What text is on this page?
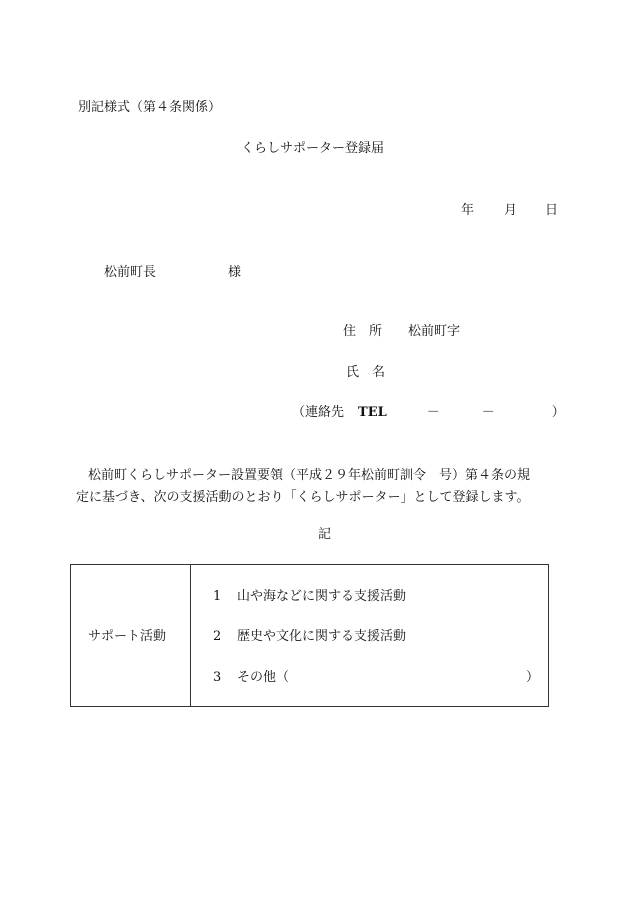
別記様式（第４条関係）
くらしサポーター登録届
年 月 日
松前町長	様
住　所 松前町字
氏　名
（連絡先 TEL	－	－	）

松前町くらしサポーター設置要領（平成２９年松前町訓令　号）第４条の規

定に基づき、次の支援活動のとおり「くらしサポーター」として登録します。

記
サポート活動
1 山や海などに関する支援活動
2 歴史や文化に関する支援活動
3 その他（	）
